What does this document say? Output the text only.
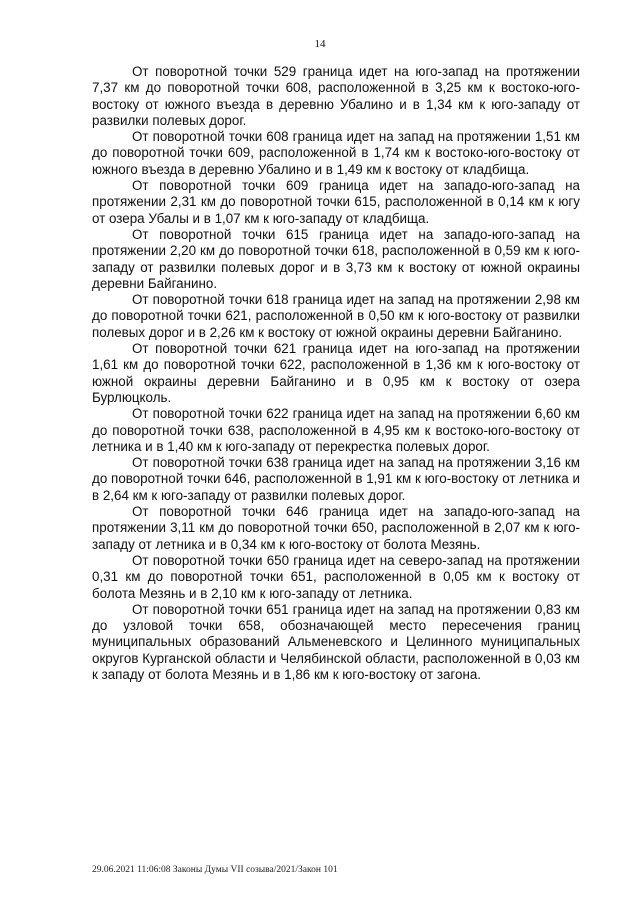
14

От поворотной точки 529 граница идет на юго-запад на протяжении 7,37 км до поворотной точки 608, расположенной в 3,25 км к востоко-юго-востоку от южного въезда в деревню Убалино и в 1,34 км к юго-западу от развилки полевых дорог.

От поворотной точки 608 граница идет на запад на протяжении 1,51 км до поворотной точки 609, расположенной в 1,74 км к востоко-юго-востоку от южного въезда в деревню Убалино и в 1,49 км к востоку от кладбища.

От поворотной точки 609 граница идет на западо-юго-запад на протяжении 2,31 км до поворотной точки 615, расположенной в 0,14 км к югу от озера Убалы и в 1,07 км к юго-западу от кладбища.

От поворотной точки 615 граница идет на западо-юго-запад на протяжении 2,20 км до поворотной точки 618, расположенной в 0,59 км к юго-западу от развилки полевых дорог и в 3,73 км к востоку от южной окраины деревни Байганино.

От поворотной точки 618 граница идет на запад на протяжении 2,98 км до поворотной точки 621, расположенной в 0,50 км к юго-востоку от развилки полевых дорог и в 2,26 км к востоку от южной окраины деревни Байганино.

От поворотной точки 621 граница идет на юго-запад на протяжении 1,61 км до поворотной точки 622, расположенной в 1,36 км к юго-востоку от южной окраины деревни Байганино и в 0,95 км к востоку от озера Бурлюцколь.

От поворотной точки 622 граница идет на запад на протяжении 6,60 км до поворотной точки 638, расположенной в 4,95 км к востоко-юго-востоку от летника и в 1,40 км к юго-западу от перекрестка полевых дорог.

От поворотной точки 638 граница идет на запад на протяжении 3,16 км до поворотной точки 646, расположенной в 1,91 км к юго-востоку от летника и в 2,64 км к юго-западу от развилки полевых дорог.

От поворотной точки 646 граница идет на западо-юго-запад на протяжении 3,11 км до поворотной точки 650, расположенной в 2,07 км к юго-западу от летника и в 0,34 км к юго-востоку от болота Мезянь.

От поворотной точки 650 граница идет на северо-запад на протяжении 0,31 км до поворотной точки 651, расположенной в 0,05 км к востоку от болота Мезянь и в 2,10 км к юго-западу от летника.

От поворотной точки 651 граница идет на запад на протяжении 0,83 км до узловой точки 658, обозначающей место пересечения границ муниципальных образований Альменевского и Целинного муниципальных округов Курганской области и Челябинской области, расположенной в 0,03 км к западу от болота Мезянь и в 1,86 км к юго-востоку от загона.

29.06.2021 11:06:08 Законы Думы VII созыва/2021/Закон 101
